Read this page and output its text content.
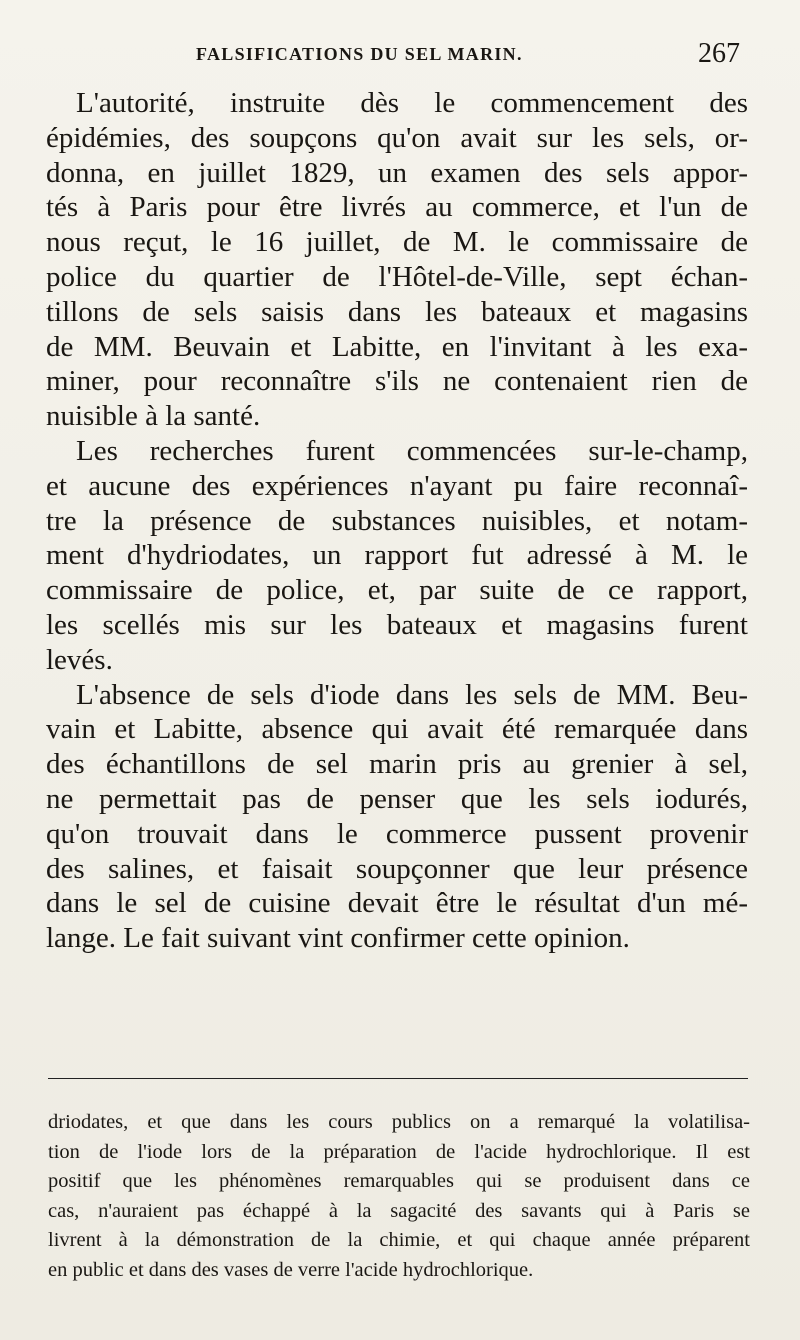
FALSIFICATIONS DU SEL MARIN.	267
L'autorité, instruite dès le commencement des
épidémies, des soupçons qu'on avait sur les sels, or-
donna, en juillet 1829, un examen des sels appor-
tés à Paris pour être livrés au commerce, et l'un de
nous reçut, le 16 juillet, de M. le commissaire de
police du quartier de l'Hôtel-de-Ville, sept échan-
tillons de sels saisis dans les bateaux et magasins
de MM. Beuvain et Labitte, en l'invitant à les exa-
miner, pour reconnaître s'ils ne contenaient rien de
nuisible à la santé.
Les recherches furent commencées sur-le-champ,
et aucune des expériences n'ayant pu faire reconnaî-
tre la présence de substances nuisibles, et notam-
ment d'hydriodates, un rapport fut adressé à M. le
commissaire de police, et, par suite de ce rapport,
les scellés mis sur les bateaux et magasins furent
levés.
L'absence de sels d'iode dans les sels de MM. Beu-
vain et Labitte, absence qui avait été remarquée dans
des échantillons de sel marin pris au grenier à sel,
ne permettait pas de penser que les sels iodurés,
qu'on trouvait dans le commerce pussent provenir
des salines, et faisait soupçonner que leur présence
dans le sel de cuisine devait être le résultat d'un mé-
lange. Le fait suivant vint confirmer cette opinion.
driodates, et que dans les cours publics on a remarqué la volatilisa-
tion de l'iode lors de la préparation de l'acide hydrochlorique. Il est
positif que les phénomènes remarquables qui se produisent dans ce
cas, n'auraient pas échappé à la sagacité des savants qui à Paris se
livrent à la démonstration de la chimie, et qui chaque année préparent
en public et dans des vases de verre l'acide hydrochlorique.
